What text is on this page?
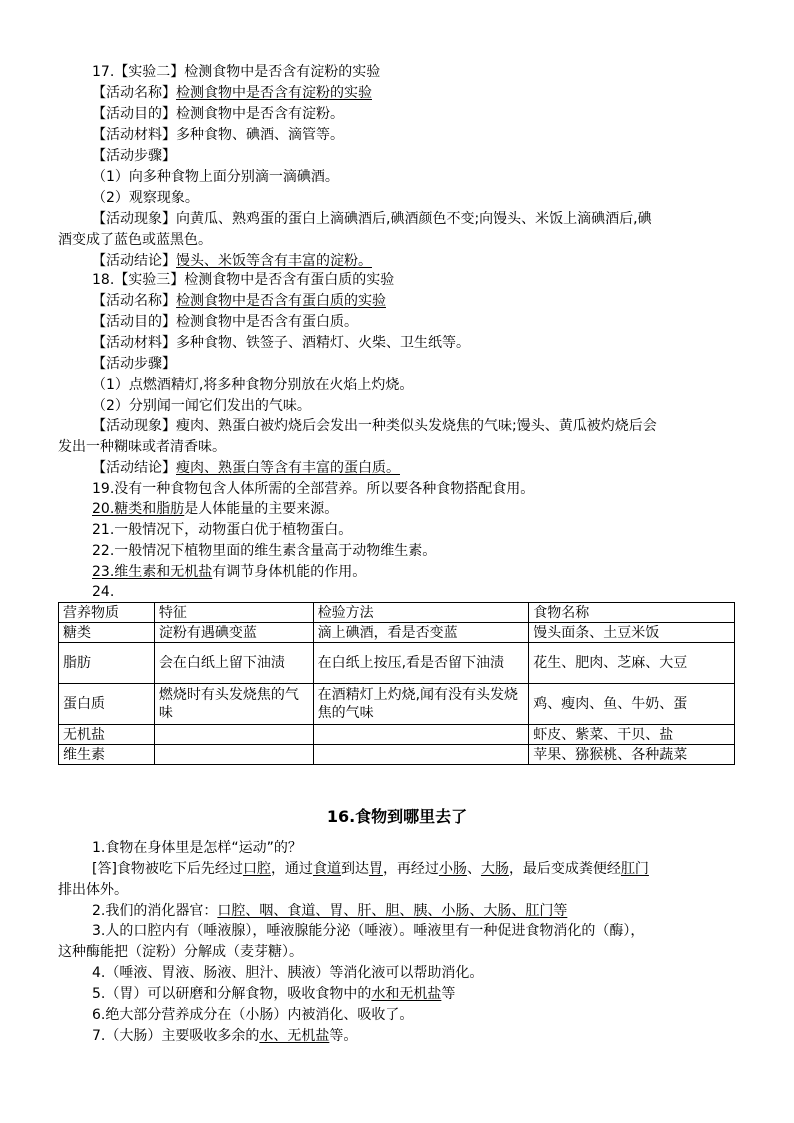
17.【实验二】检测食物中是否含有淀粉的实验
【活动名称】检测食物中是否含有淀粉的实验
【活动目的】检测食物中是否含有淀粉。
【活动材料】多种食物、碘酒、滴管等。
【活动步骤】
（1）向多种食物上面分别滴一滴碘酒。
（2）观察现象。
【活动现象】向黄瓜、熟鸡蛋的蛋白上滴碘酒后,碘酒颜色不变;向馒头、米饭上滴碘酒后,碘
酒变成了蓝色或蓝黑色。
【活动结论】馒头、米饭等含有丰富的淀粉。
18.【实验三】检测食物中是否含有蛋白质的实验
【活动名称】检测食物中是否含有蛋白质的实验
【活动目的】检测食物中是否含有蛋白质。
【活动材料】多种食物、铁签子、酒精灯、火柴、卫生纸等。
【活动步骤】
（1）点燃酒精灯,将多种食物分别放在火焰上灼烧。
（2）分别闻一闻它们发出的气味。
【活动现象】瘦肉、熟蛋白被灼烧后会发出一种类似头发烧焦的气味;馒头、黄瓜被灼烧后会
发出一种糊味或者清香味。
【活动结论】瘦肉、熟蛋白等含有丰富的蛋白质。
19.没有一种食物包含人体所需的全部营养。所以要各种食物搭配食用。
20.糖类和脂肪是人体能量的主要来源。
21.一般情况下，动物蛋白优于植物蛋白。
22.一般情况下植物里面的维生素含量高于动物维生素。
23.维生素和无机盐有调节身体机能的作用。
24.
营养物质	特征	检验方法	食物名称
糖类	淀粉有遇碘变蓝	滴上碘酒，看是否变蓝	馒头面条、土豆米饭
脂肪	会在白纸上留下油渍	在白纸上按压,看是否留下油渍	花生、肥肉、芝麻、大豆
蛋白质	燃烧时有头发烧焦的气味	在酒精灯上灼烧,闻有没有头发烧焦的气味	鸡、瘦肉、鱼、牛奶、蛋
无机盐			虾皮、紫菜、干贝、盐
维生素			苹果、猕猴桃、各种蔬菜
16.食物到哪里去了
1.食物在身体里是怎样“运动”的？
[答]食物被吃下后先经过口腔，通过食道到达胃，再经过小肠、大肠，最后变成粪便经肛门
排出体外。
2.我们的消化器官：口腔、咽、食道、胃、肝、胆、胰、小肠、大肠、肛门等
3.人的口腔内有（唾液腺），唾液腺能分泌（唾液）。唾液里有一种促进食物消化的（酶），
这种酶能把（淀粉）分解成（麦芽糖）。
4.（唾液、胃液、肠液、胆汁、胰液）等消化液可以帮助消化。
5.（胃）可以研磨和分解食物，吸收食物中的水和无机盐等
6.绝大部分营养成分在（小肠）内被消化、吸收了。
7.（大肠）主要吸收多余的水、无机盐等。
